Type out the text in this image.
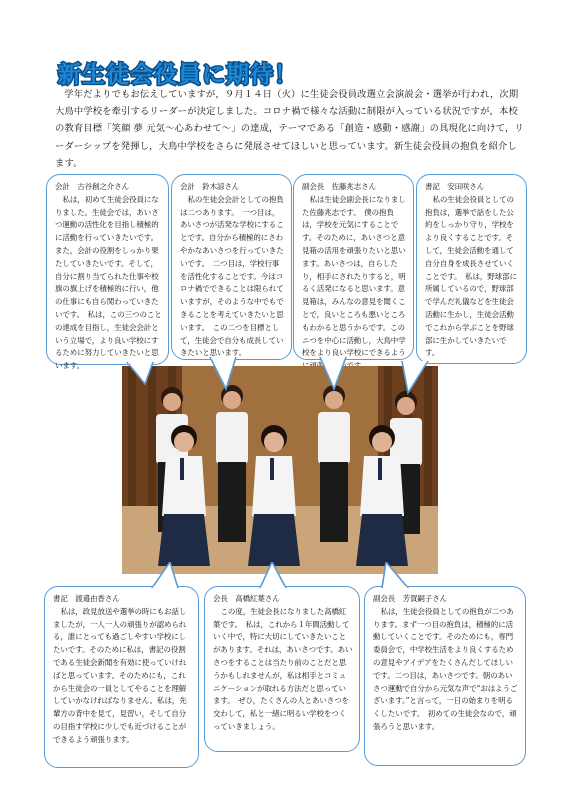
新生徒会役員に期待！

学年だよりでもお伝えしていますが，９月１４日（火）に生徒会役員改選立会演説会・選挙が行われ，次期大鳥中学校を牽引するリーダーが決定しました。コロナ禍で様々な活動に制限が入っている状況ですが，本校の教育目標「笑顔 夢 元気～心あわせて～」の達成，テーマである「創造・感動・感謝」の具現化に向けて，リーダーシップを発揮し，大鳥中学校をさらに発展させてほしいと思っています。新生徒会役員の抱負を紹介します。

会計　古谷創之介さん

私は，初めて生徒会役員になりました。生徒会では，あいさつ運動の活性化を目指し積極的に活動を行っていきたいです。また，会計の役割をしっかり果たしていきたいです。そして，自分に割り当てられた仕事や校旗の旗上げを積極的に行い，他の仕事にも自ら関わっていきたいです。　私は，この三つのことの達成を目指し，生徒会会計という立場で，より良い学校にするために努力していきたいと思います。

会計　鈴木諒さん

私の生徒会会計としての抱負は二つあります。　一つ目は，あいさつが活発な学校にすることです。自分から積極的にさわやかなあいさつを行っていきたいです。　二つ目は，学校行事を活性化することです。今はコロナ禍でできることは限られていますが，そのような中でもできることを考えていきたいと思います。　この二つを目標として，生徒会で自分も成長していきたいと思います。

副会長　佐藤兆志さん

私は生徒会副会長になりました佐藤兆志です。　僕の抱負は，学校を元気にすることです。そのために，あいさつと意見箱の活用を頑張りたいと思います。あいさつは，自らしたり，相手にされたりすると，明るく活発になると思います。意見箱は，みんなの意見を聞くことで，良いところも悪いところもわかると思うからです。このニつを中心に活動し，大鳥中学校をより良い学校にできるよう

書記　安田咲さん

私の生徒会役員としての抱負は，選挙で話をした公約をしっかり守り，学校をより良くすることです。そして，生徒会活動を通して自分自身を成長させていくことです。　私は，野球部に所属しているので，野球部で学んだ礼儀などを生徒会活動に生かし，生徒会活動でこれから学ぶことを野球部に生かしていきたいです。

書記　渡邉由香さん

私は，政見放送や選挙の時にもお話しましたが，一人一人の頑張りが認められる，誰にとっても過ごしやすい学校にしたいです。そのために私は，書記の役割である生徒会新聞を有効に使っていければと思っています。そのためにも，これから生徒会の一員としてやることを理解していかなければなりません。私は，先輩方の背中を見て，見習い，そして自分の目指す学校に少しでも近づけることができるよう頑張ります。

会長　高橋紅葉さん

この度，生徒会長になりました高橋紅葉です。　私は，これから１年間活動していく中で，特に大切にしていきたいことがあります。それは，あいさつです。あいさつをすることは当たり前のことだと思うかもしれませんが，私は相手とコミュニケーションが取れる方法だと思っています。　ぜひ，たくさんの人とあいさつを交わして，私と一緒に明るい学校をつくっていきましょう。

副会長　芳賀嗣子さん

私は，生徒会役員としての抱負が二つあります。まず一つ目の抱負は，積極的に活動していくことです。そのためにも，専門委員会で，中学校生活をより良くするための意見やアイデアをたくさんだしてほしいです。二つ目は，あいさつです。朝のあいさつ運動で自分から元気な声で“おはようございます。”と言って，一日の始まりを明るくしたいです。　初めての生徒会なので，頑張ろうと思います。
